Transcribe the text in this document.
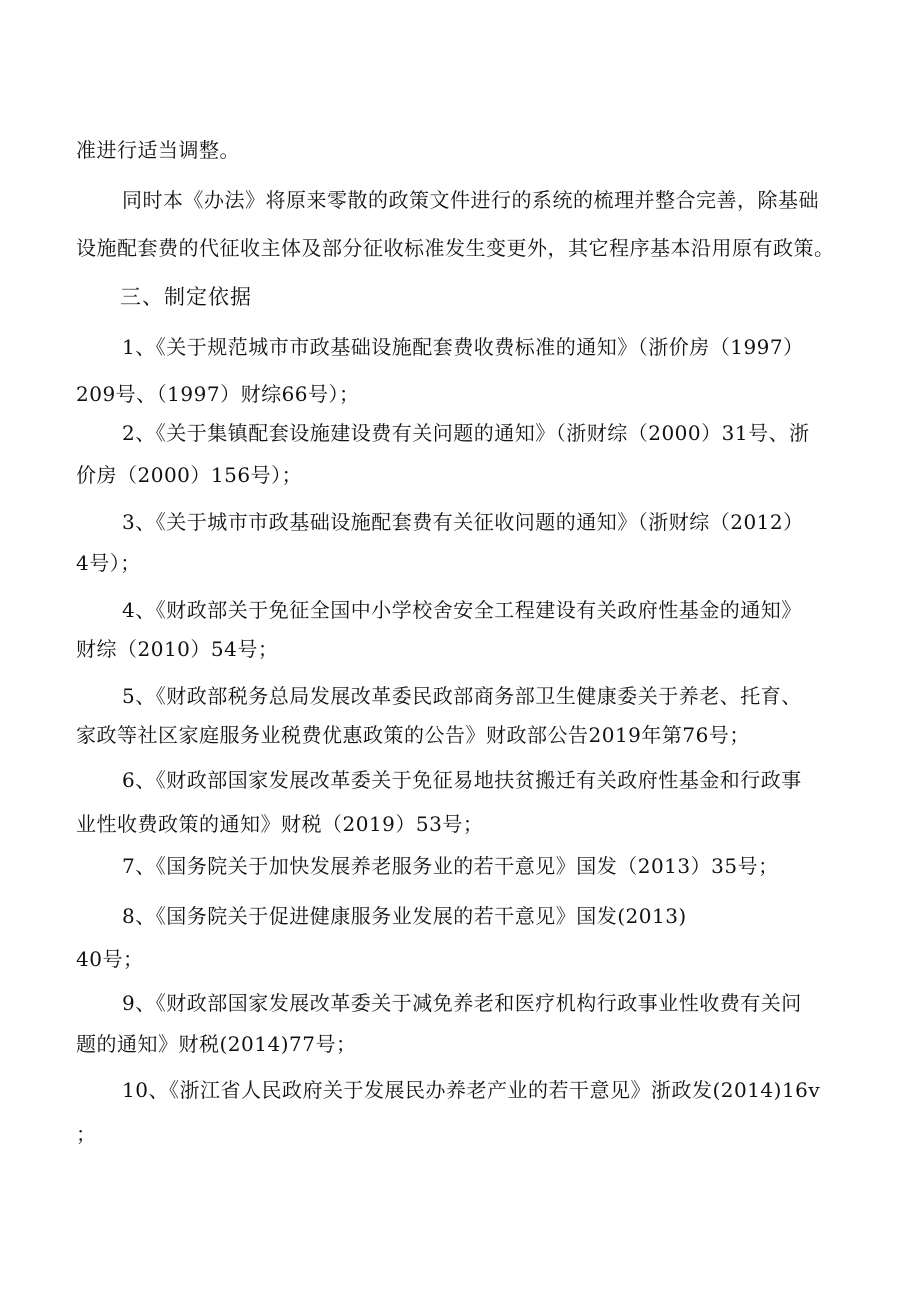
准进行适当调整。
同时本《办法》将原来零散的政策文件进行的系统的梳理并整合完善，除基础
设施配套费的代征收主体及部分征收标准发生变更外，其它程序基本沿用原有政策。
三、制定依据
1、《关于规范城市市政基础设施配套费收费标准的通知》（浙价房（1997）
209号、（1997）财综66号）；
2、《关于集镇配套设施建设费有关问题的通知》（浙财综（2000）31号、浙
价房（2000）156号）；
3、《关于城市市政基础设施配套费有关征收问题的通知》（浙财综（2012）
4号）；
4、《财政部关于免征全国中小学校舍安全工程建设有关政府性基金的通知》
财综（2010）54号；
5、《财政部税务总局发展改革委民政部商务部卫生健康委关于养老、托育、
家政等社区家庭服务业税费优惠政策的公告》财政部公告2019年第76号；
6、《财政部国家发展改革委关于免征易地扶贫搬迁有关政府性基金和行政事
业性收费政策的通知》财税（2019）53号；
7、《国务院关于加快发展养老服务业的若干意见》国发（2013）35号；
8、《国务院关于促进健康服务业发展的若干意见》国发(2013)
40号；
9、《财政部国家发展改革委关于减免养老和医疗机构行政事业性收费有关问
题的通知》财税(2014)77号；
10、《浙江省人民政府关于发展民办养老产业的若干意见》浙政发(2014)16v
；
